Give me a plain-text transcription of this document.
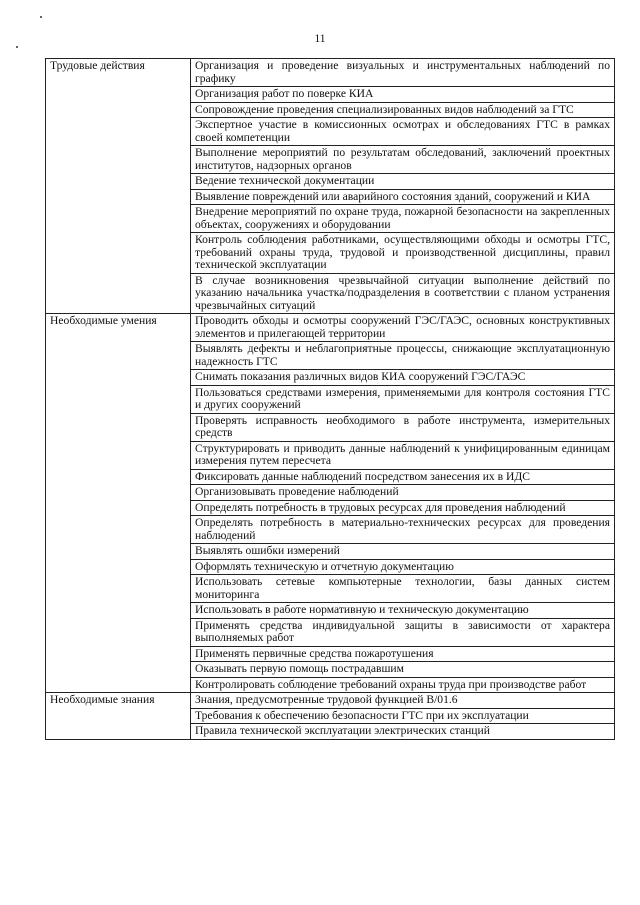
11
Трудовые действия	Организация и проведение визуальных и инструментальных наблюдений по графику
	Организация работ по поверке КИА
	Сопровождение проведения специализированных видов наблюдений за ГТС
	Экспертное участие в комиссионных осмотрах и обследованиях ГТС в рамках своей компетенции
	Выполнение мероприятий по результатам обследований, заключений проектных институтов, надзорных органов
	Ведение технической документации
	Выявление повреждений или аварийного состояния зданий, сооружений и КИА
	Внедрение мероприятий по охране труда, пожарной безопасности на закрепленных объектах, сооружениях и оборудовании
	Контроль соблюдения работниками, осуществляющими обходы и осмотры ГТС, требований охраны труда, трудовой и производственной дисциплины, правил технической эксплуатации
	В случае возникновения чрезвычайной ситуации выполнение действий по указанию начальника участка/подразделения в соответствии с планом устранения чрезвычайных ситуаций
Необходимые умения	Проводить обходы и осмотры сооружений ГЭС/ГАЭС, основных конструктивных элементов и прилегающей территории
	Выявлять дефекты и неблагоприятные процессы, снижающие эксплуатационную надежность ГТС
	Снимать показания различных видов КИА сооружений ГЭС/ГАЭС
	Пользоваться средствами измерения, применяемыми для контроля состояния ГТС и других сооружений
	Проверять исправность необходимого в работе инструмента, измерительных средств
	Структурировать и приводить данные наблюдений к унифицированным единицам измерения путем пересчета
	Фиксировать данные наблюдений посредством занесения их в ИДС
	Организовывать проведение наблюдений
	Определять потребность в трудовых ресурсах для проведения наблюдений
	Определять потребность в материально-технических ресурсах для проведения наблюдений
	Выявлять ошибки измерений
	Оформлять техническую и отчетную документацию
	Использовать сетевые компьютерные технологии, базы данных систем мониторинга
	Использовать в работе нормативную и техническую документацию
	Применять средства индивидуальной защиты в зависимости от характера выполняемых работ
	Применять первичные средства пожаротушения
	Оказывать первую помощь пострадавшим
	Контролировать соблюдение требований охраны труда при производстве работ
Необходимые знания	Знания, предусмотренные трудовой функцией В/01.6
	Требования к обеспечению безопасности ГТС при их эксплуатации
	Правила технической эксплуатации электрических станций
